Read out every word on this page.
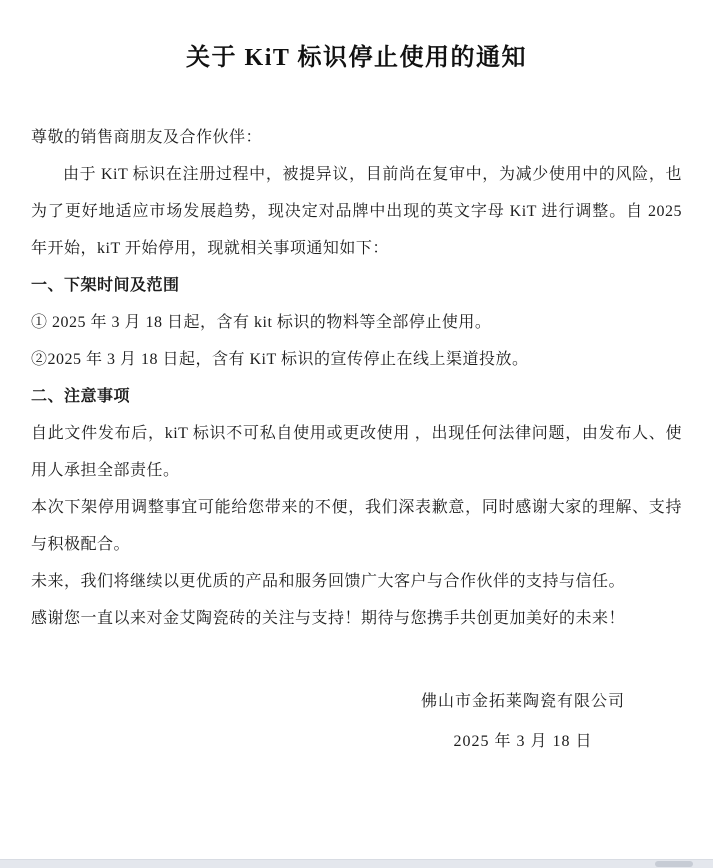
关于 KiT 标识停止使用的通知

尊敬的销售商朋友及合作伙伴：

由于 KiT 标识在注册过程中，被提异议，目前尚在复审中，为减少使用中的风险，也为了更好地适应市场发展趋势，现决定对品牌中出现的英文字母 KiT 进行调整。自 2025 年开始，kiT 开始停用，现就相关事项通知如下：

一、下架时间及范围

① 2025 年 3 月 18 日起，含有 kit 标识的物料等全部停止使用。

②2025 年 3 月 18 日起，含有 KiT 标识的宣传停止在线上渠道投放。

二、注意事项

自此文件发布后，kiT 标识不可私自使用或更改使用 ，出现任何法律问题，由发布人、使用人承担全部责任。

本次下架停用调整事宜可能给您带来的不便，我们深表歉意，同时感谢大家的理解、支持与积极配合。

未来，我们将继续以更优质的产品和服务回馈广大客户与合作伙伴的支持与信任。

感谢您一直以来对金艾陶瓷砖的关注与支持！期待与您携手共创更加美好的未来！

佛山市金拓莱陶瓷有限公司
2025 年 3 月 18 日
